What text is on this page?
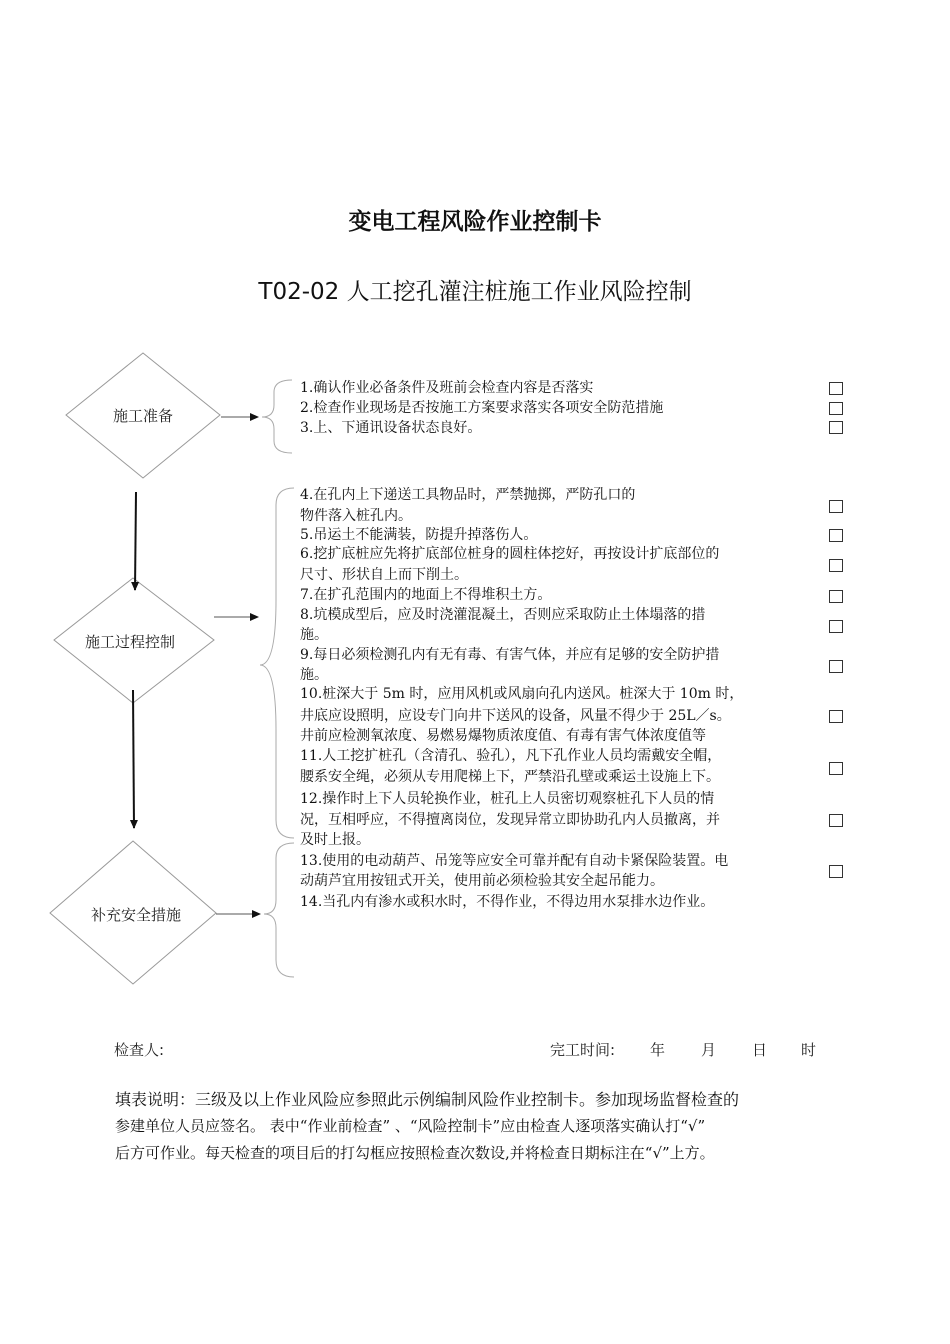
变电工程风险作业控制卡
T02-02 人工挖孔灌注桩施工作业风险控制
施工准备
施工过程控制
补充安全措施
1.确认作业必备条件及班前会检查内容是否落实
2.检查作业现场是否按施工方案要求落实各项安全防范措施
3.上、下通讯设备状态良好。
4.在孔内上下递送工具物品时，严禁抛掷，严防孔口的
物件落入桩孔内。
5.吊运土不能满装，防提升掉落伤人。
6.挖扩底桩应先将扩底部位桩身的圆柱体挖好，再按设计扩底部位的
尺寸、形状自上而下削土。
7.在扩孔范围内的地面上不得堆积土方。
8.坑模成型后，应及时浇灌混凝土，否则应采取防止土体塌落的措
施。
9.每日必须检测孔内有无有毒、有害气体，并应有足够的安全防护措
施。
10.桩深大于 5m 时，应用风机或风扇向孔内送风。桩深大于 10m 时，
井底应设照明，应设专门向井下送风的设备，风量不得少于 25L／s。
井前应检测氧浓度、易燃易爆物质浓度值、有毒有害气体浓度值等
11.人工挖扩桩孔（含清孔、验孔），凡下孔作业人员均需戴安全帽，
腰系安全绳，必须从专用爬梯上下，严禁沿孔壁或乘运土设施上下。
12.操作时上下人员轮换作业，桩孔上人员密切观察桩孔下人员的情
况，互相呼应，不得擅离岗位，发现异常立即协助孔内人员撤离，并
及时上报。
13.使用的电动葫芦、吊笼等应安全可靠并配有自动卡紧保险装置。电
动葫芦宜用按钮式开关，使用前必须检验其安全起吊能力。
14.当孔内有渗水或积水时，不得作业，不得边用水泵排水边作业。
检查人:	完工时间: 年 月 日 时

填表说明：三级及以上作业风险应参照此示例编制风险作业控制卡。参加现场监督检查的

参建单位人员应签名。 表中“作业前检查” 、“风险控制卡”应由检查人逐项落实确认打“√”

后方可作业。每天检查的项目后的打勾框应按照检查次数设,并将检查日期标注在“√”上方。
